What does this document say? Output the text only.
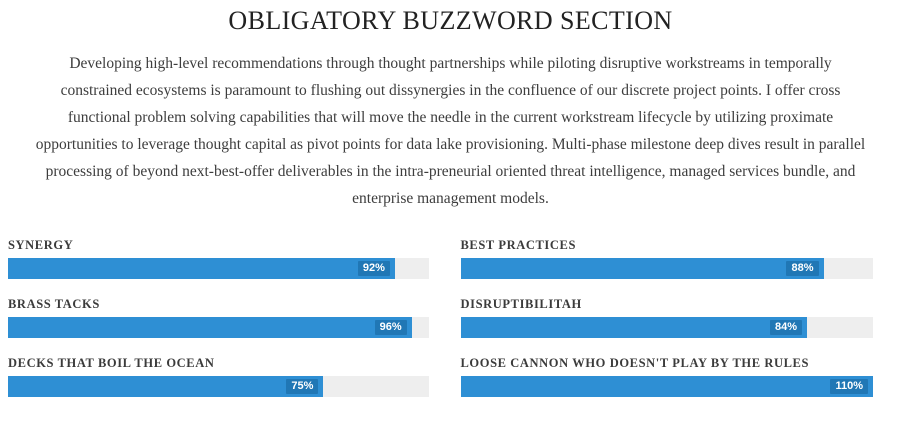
OBLIGATORY BUZZWORD SECTION

Developing high-level recommendations through thought partnerships while piloting disruptive workstreams in temporally constrained ecosystems is paramount to flushing out dissynergies in the confluence of our discrete project points. I offer cross functional problem solving capabilities that will move the needle in the current workstream lifecycle by utilizing proximate opportunities to leverage thought capital as pivot points for data lake provisioning. Multi-phase milestone deep dives result in parallel processing of beyond next-best-offer deliverables in the intra-preneurial oriented threat intelligence, managed services bundle, and enterprise management models.

SYNERGY
92%
BEST PRACTICES
88%
BRASS TACKS
96%
DISRUPTIBILITAH
84%
DECKS THAT BOIL THE OCEAN
75%
LOOSE CANNON WHO DOESN'T PLAY BY THE RULES
110%
